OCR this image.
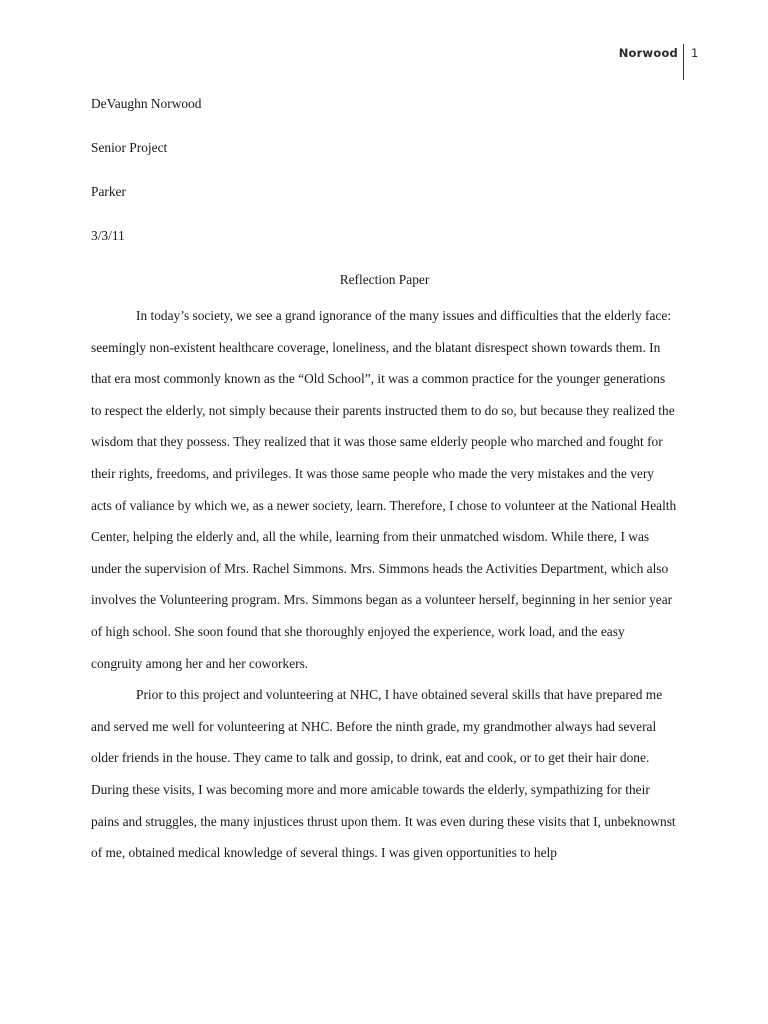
Norwood 1
DeVaughn Norwood
Senior Project
Parker
3/3/11
Reflection Paper

In today’s society, we see a grand ignorance of the many issues and difficulties that the elderly face: seemingly non-existent healthcare coverage, loneliness, and the blatant disrespect shown towards them. In that era most commonly known as the “Old School”, it was a common practice for the younger generations to respect the elderly, not simply because their parents instructed them to do so, but because they realized the wisdom that they possess. They realized that it was those same elderly people who marched and fought for their rights, freedoms, and privileges. It was those same people who made the very mistakes and the very acts of valiance by which we, as a newer society, learn. Therefore, I chose to volunteer at the National Health Center, helping the elderly and, all the while, learning from their unmatched wisdom. While there, I was under the supervision of Mrs. Rachel Simmons. Mrs. Simmons heads the Activities Department, which also involves the Volunteering program. Mrs. Simmons began as a volunteer herself, beginning in her senior year of high school. She soon found that she thoroughly enjoyed the experience, work load, and the easy congruity among her and her coworkers.

Prior to this project and volunteering at NHC, I have obtained several skills that have prepared me and served me well for volunteering at NHC. Before the ninth grade, my grandmother always had several older friends in the house. They came to talk and gossip, to drink, eat and cook, or to get their hair done. During these visits, I was becoming more and more amicable towards the elderly, sympathizing for their pains and struggles, the many injustices thrust upon them. It was even during these visits that I, unbeknownst of me, obtained medical knowledge of several things. I was given opportunities to help
